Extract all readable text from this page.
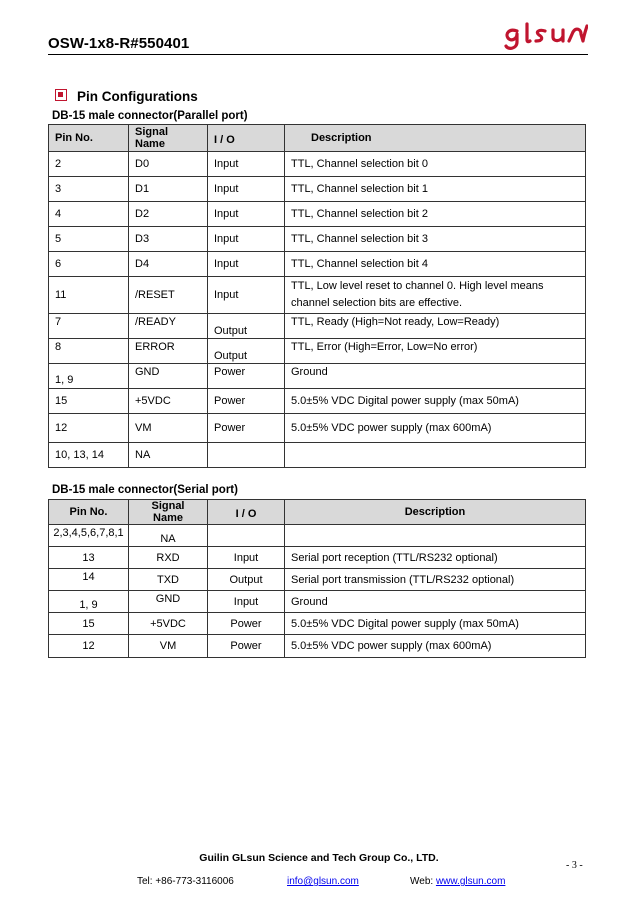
OSW-1x8-R#550401
Pin Configurations
DB-15 male connector(Parallel port)
Pin No.	Signal Name	I / O	Description
2	D0	Input	TTL, Channel selection bit 0
3	D1	Input	TTL, Channel selection bit 1
4	D2	Input	TTL, Channel selection bit 2
5	D3	Input	TTL, Channel selection bit 3
6	D4	Input	TTL, Channel selection bit 4
11	/RESET	Input	TTL, Low level reset to channel 0. High level means channel selection bits are effective.
7	/READY	Output	TTL, Ready (High=Not ready, Low=Ready)
8	ERROR	Output	TTL, Error (High=Error, Low=No error)
1, 9	GND	Power	Ground
15	+5VDC	Power	5.0±5% VDC Digital power supply (max 50mA)
12	VM	Power	5.0±5% VDC power supply (max 600mA)
10, 13, 14	NA		
DB-15 male connector(Serial port)
Pin No.	Signal Name	I / O	Description
2,3,4,5,6,7,8,1	NA		
13	RXD	Input	Serial port reception (TTL/RS232 optional)
14	TXD	Output	Serial port transmission (TTL/RS232 optional)
1, 9	GND	Input	Ground
15	+5VDC	Power	5.0±5% VDC Digital power supply (max 50mA)
12	VM	Power	5.0±5% VDC power supply (max 600mA)
Guilin GLsun Science and Tech Group Co., LTD.
- 3 -
Tel: +86-773-3116006	info@glsun.com	Web: www.glsun.com
